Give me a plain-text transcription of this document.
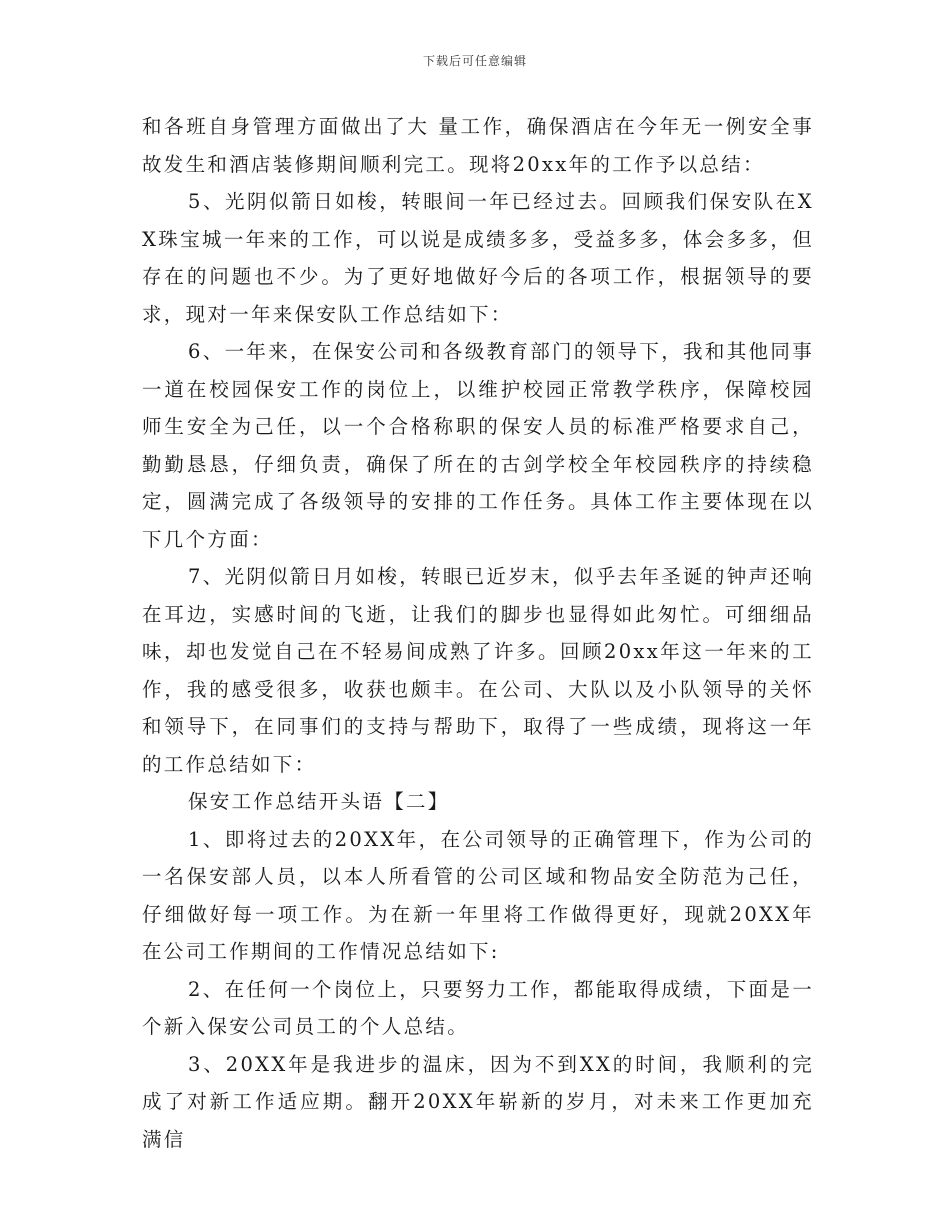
下载后可任意编辑

和各班自身管理方面做出了大 量工作，确保酒店在今年无一例安全事故发生和酒店装修期间顺利完工。现将20xx年的工作予以总结：

5、光阴似箭日如梭，转眼间一年已经过去。回顾我们保安队在XX珠宝城一年来的工作，可以说是成绩多多，受益多多，体会多多，但存在的问题也不少。为了更好地做好今后的各项工作，根据领导的要求，现对一年来保安队工作总结如下：

6、一年来，在保安公司和各级教育部门的领导下，我和其他同事一道在校园保安工作的岗位上，以维护校园正常教学秩序，保障校园师生安全为己任，以一个合格称职的保安人员的标准严格要求自己，勤勤恳恳，仔细负责，确保了所在的古剑学校全年校园秩序的持续稳定，圆满完成了各级领导的安排的工作任务。具体工作主要体现在以下几个方面：

7、光阴似箭日月如梭，转眼已近岁末，似乎去年圣诞的钟声还响在耳边，实感时间的飞逝，让我们的脚步也显得如此匆忙。可细细品味，却也发觉自己在不轻易间成熟了许多。回顾20xx年这一年来的工作，我的感受很多，收获也颇丰。在公司、大队以及小队领导的关怀和领导下，在同事们的支持与帮助下，取得了一些成绩，现将这一年的工作总结如下：

保安工作总结开头语【二】

1、即将过去的20XX年，在公司领导的正确管理下，作为公司的一名保安部人员，以本人所看管的公司区域和物品安全防范为己任，仔细做好每一项工作。为在新一年里将工作做得更好，现就20XX年在公司工作期间的工作情况总结如下:

2、在任何一个岗位上，只要努力工作，都能取得成绩，下面是一个新入保安公司员工的个人总结。

3、20XX年是我进步的温床，因为不到XX的时间，我顺利的完成了对新工作适应期。翻开20XX年崭新的岁月，对未来工作更加充满信
